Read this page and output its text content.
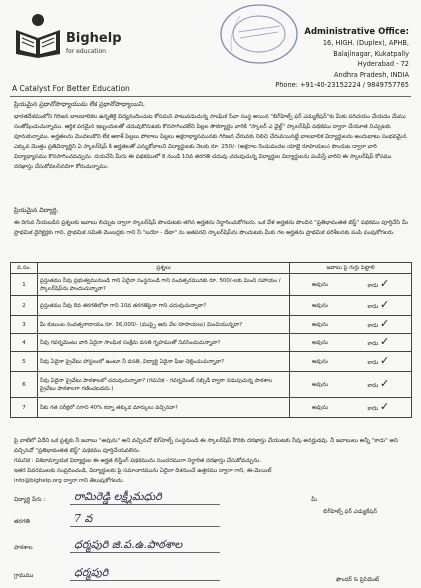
Bighelp
for education
A Catalyst For Better Education
Administrative Office:
16, HIGH. (Duplex), APHB,
Balajinagar, Kukatpally
Hyderabad - 72
Andhra Pradesh, INDIA
Phone: +91-40-23152224 / 9849757765
ప్రియమైన ప్రధానోపాధ్యాయుడు లేక ప్రధానోపాధ్యాయిని,
భారతదేశములోని గిరిజన బాలబాలికల ఉన్నతికై విద్యనందించుట కోసమని పాటుపడుచున్న సాంఘిక సేవా సంస్థ అయిన "బిగ్‌హెల్ప్ ఫర్ ఎడ్యుకేషన్"కు మీకు పరిచయం చేయడం మేము సంతోషించుచున్నాము. ఆర్థిక పరమైన ఇబ్బందులతో చదువుకొనుటకు కొనసాగించలేని పిల్లల సౌకర్యార్థం వారికి "స్కాలర్ ఎ ఛైల్డ్" స్కాలర్‌షిప్ పథకము ద్వారా చేయూత నిచ్చుటకు పూనుకున్నాము. అర్హతలను మొదలుకొని లేక ఆకాశ్ పిల్లలు పోలాలు పిల్లలు అక్షరాభ్యాసమునకు గిరిజన చేరువకు నిలిచి చేరువయినట్టి బాలబాలిక విద్యార్థులను అందుబాటు సంభవమైన ఎక్కువ మొత్తం ప్రతివిద్యార్థిని ఏ స్కాలర్‌షిప్ కి అర్హతలతో ఎన్నుకోవాలని విద్యార్థులకు నెలకు రూ. 250/- (అక్షరాల రెండువందల యాభై రూపాయలు) పొందుట ద్వారా వారి విద్యాభ్యాసము కొనసాగించవచ్చును. దయచేసి మీరు ఈ పథకములో 8 నుండి 10వ తరగతి చదువు చదువుచున్న విద్యార్థుల విద్యార్థులను పంపిస్తే వారిని ఈ స్కాలర్‌షిప్ కోసము దరఖాస్తు చేసుకోవలసినదిగా కోరుచున్నాము.
ప్రియమైన విద్యార్థి,
ఈ దిగువ నీయబడిన ప్రశ్నలకు జవాబు లిచ్చుట ద్వారా స్కాలర్‌షిప్ పొందుటకు తగిన అర్హతను నిర్ధారించుకోగలరు. ఒక వేళ అర్హతను పొందిన "ప్రతిభావంతత టెస్ట్" పథకము పూర్తిచేసి మీ ప్రాథమిక డైరెక్టర్లకు గాని, ప్రాథమిక సమితి మెంబర్లకు గాని నీ "బయో - డేటా" ను జతపరచి స్కాలర్‌షిప్‌ను పొందుటకు మీకు గల అర్హతను ప్రాథమిక పరిశీలనకు పంపి పంపుకోగలరు.
వ.సం.	ప్రశ్నలు	జవాబు పై గుర్తు పెట్టాలి
1	ప్రస్తుతము నీవు ప్రభుత్వమునుండి గాని ఏదైనా సంస్థనుండి గాని సంవత్సరమునకు రూ. 500/-లకు మించి సహాయం / స్కాలర్‌షిప్‌ను పొందుచున్నావా?	అవును కాదు ✓

2	ప్రస్తుతము నీవు 8వ తరగతిలోనా గాని 10వ తరగతిపైనా గాని చదువుచున్నావా?	అవును కాదు ✓

3	మీ కుటుంబ సంవత్సరాదాయం రూ. 36,000/- (ముప్పై ఆరు వేల రూపాయలు) మించియున్నదా?	అవును కాదు ✓

4	నీవు గవర్నమెంటు వారి ఏదైనా సాంఘిక సంక్షేమ వసతి గృహముతో నివసించుచున్నావా?	అవును కాదు ✓

5	నీవు ఏదైనా ప్రైవేటు హాస్టలులో ఉంటూ నీ వసతి, విద్యార్థి ఏదైనా ఫీజు చెల్లించుచున్నావా?	అవును కాదు ✓

6	నీవు ఏదైనా ప్రైవేటు పాఠశాలలో చదువుచున్నావా? (గమనిక - గవర్నమెంట్ సబ్సిడీ ద్వారా నడుపుచున్న పాఠశాల ప్రైవేటు పాఠశాలగా గణించబడదు.)	అవును కాదు ✓

7	నీకు గత సరీక్షలో సగాని 40% కన్నా తక్కువ మార్కులు వచ్చినవా?	అవును కాదు ✓
పై వాటిలో ఏదేని ఒక ప్రశ్నకు నీ జవాబు "అవును" అని వచ్చినచో బిగ్‌హెల్ప్ సంస్థనుండి ఈ స్కాలర్‌షిప్ కొరకు దరఖాస్తు చేయుటకు నీవు అనర్హుడవు. నీ జవాబులు అన్నీ "కాదు" అని వచ్చినచో "ప్రతిభావంతత టెస్ట్" పథకము పూర్తిచేయవలెను.
గమనిక : విశిదామ్నాయక విద్యార్థుల ఈ అర్హత లిస్టింగ్ పథకమును సుందరముగా నిర్ధారిత దరఖాస్తు చేసుకోవచ్చును.
ఇతర వివరములకు సంప్రదించండి, విద్యార్థులకు పై సమాచారమును ఏదైనా దిశనుంచే ఉత్తరము ద్వారా గాని, ఈ-మెయిల్
info@bighelp.org ద్వారా గాని తెలుపుకోగలరు.
విద్యార్థి పేరు :	రామిరెడ్డి లక్ష్మీమధురి
తరగతి	7 వ
పాఠశాల	ధర్మపురి జి.ప.ఉ.పాఠశాల
గ్రామము	ధర్మపురి
మీ
బిగ్‌హెల్ప్ ఫర్ ఎడ్యుకేషన్
ఫౌండర్ & ప్రెసిడెంట్
